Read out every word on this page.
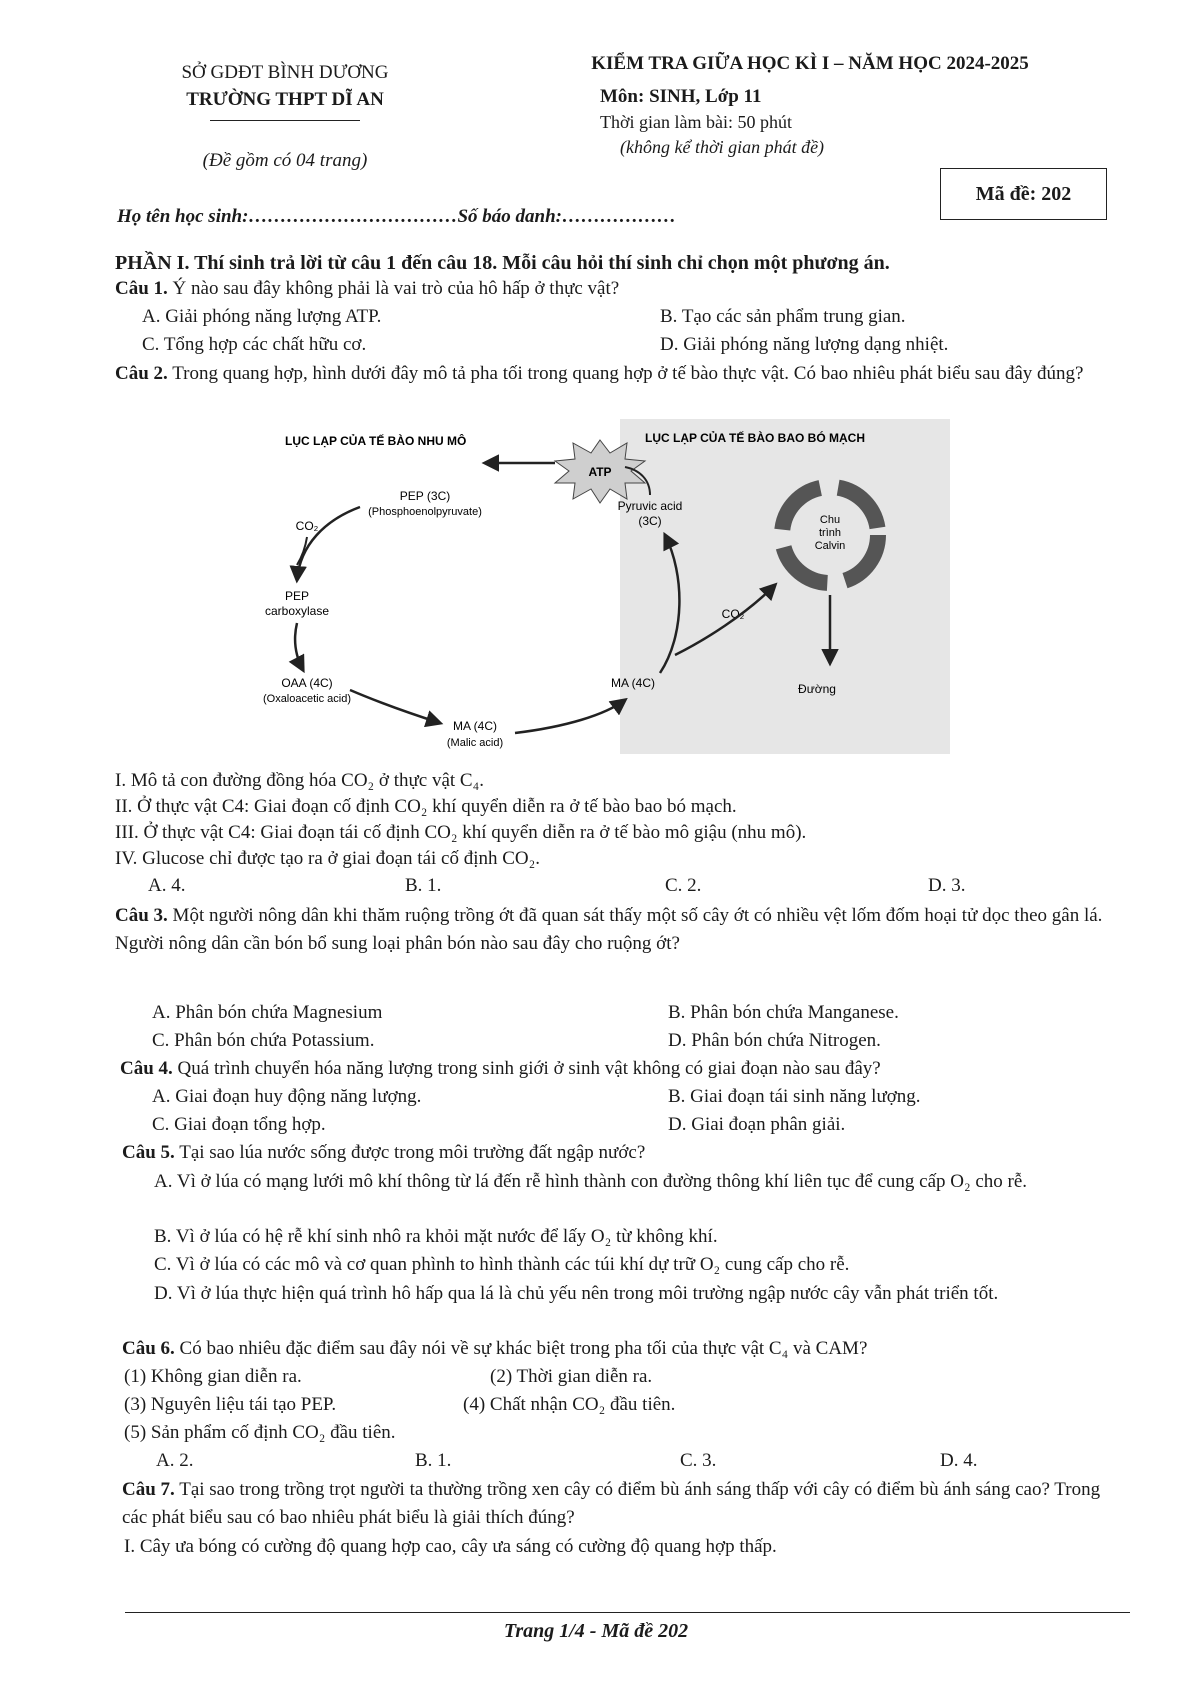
SỞ GDĐT BÌNH DƯƠNG
TRƯỜNG THPT DĨ AN
(Đề gồm có 04 trang)
KIỂM TRA GIỮA HỌC KÌ I – NĂM HỌC 2024-2025
Môn: SINH, Lớp 11
Thời gian làm bài: 50 phút
(không kể thời gian phát đề)
Mã đề: 202
Họ tên học sinh:……………………………Số báo danh:………………
PHẦN I. Thí sinh trả lời từ câu 1 đến câu 18. Mỗi câu hỏi thí sinh chỉ chọn một phương án.
Câu 1. Ý nào sau đây không phải là vai trò của hô hấp ở thực vật?
A. Giải phóng năng lượng ATP.	B. Tạo các sản phẩm trung gian.
C. Tổng hợp các chất hữu cơ.	D. Giải phóng năng lượng dạng nhiệt.
Câu 2. Trong quang hợp, hình dưới đây mô tả pha tối trong quang hợp ở tế bào thực vật. Có bao nhiêu phát biểu sau đây đúng?
LỤC LẠP CỦA TẾ BÀO NHU MÔ	LỤC LẠP CỦA TẾ BÀO BAO BÓ MẠCH
PEP (3C)
(Phosphoenolpyruvate)
CO₂
PEP
carboxylase
OAA (4C)
(Oxaloacetic acid)
MA (4C)
(Malic acid)
ATP
Pyruvic acid
(3C)	Chu
trình
Calvin
CO₂
MA (4C)	Đường
I. Mô tả con đường đồng hóa CO₂ ở thực vật C₄.
II. Ở thực vật C4: Giai đoạn cố định CO₂ khí quyển diễn ra ở tế bào bao bó mạch.
III. Ở thực vật C4: Giai đoạn tái cố định CO₂ khí quyển diễn ra ở tế bào mô giậu (nhu mô).
IV. Glucose chỉ được tạo ra ở giai đoạn tái cố định CO₂.
A. 4.	B. 1.	C. 2.	D. 3.
Câu 3. Một người nông dân khi thăm ruộng trồng ớt đã quan sát thấy một số cây ớt có nhiều vệt lốm đốm hoại tử dọc theo gân lá. Người nông dân cần bón bổ sung loại phân bón nào sau đây cho ruộng ớt?
A. Phân bón chứa Magnesium	B. Phân bón chứa Manganese.
C. Phân bón chứa Potassium.	D. Phân bón chứa Nitrogen.
Câu 4. Quá trình chuyển hóa năng lượng trong sinh giới ở sinh vật không có giai đoạn nào sau đây?
A. Giai đoạn huy động năng lượng.	B. Giai đoạn tái sinh năng lượng.
C. Giai đoạn tổng hợp.	D. Giai đoạn phân giải.
Câu 5. Tại sao lúa nước sống được trong môi trường đất ngập nước?
A. Vì ở lúa có mạng lưới mô khí thông từ lá đến rễ hình thành con đường thông khí liên tục để cung cấp O₂ cho rễ.
B. Vì ở lúa có hệ rễ khí sinh nhô ra khỏi mặt nước để lấy O₂ từ không khí.
C. Vì ở lúa có các mô và cơ quan phình to hình thành các túi khí dự trữ O₂ cung cấp cho rễ.
D. Vì ở lúa thực hiện quá trình hô hấp qua lá là chủ yếu nên trong môi trường ngập nước cây vẫn phát triển tốt.
Câu 6. Có bao nhiêu đặc điểm sau đây nói về sự khác biệt trong pha tối của thực vật C₄ và CAM?
(1) Không gian diễn ra.	(2) Thời gian diễn ra.
(3) Nguyên liệu tái tạo PEP.	(4) Chất nhận CO₂ đầu tiên.
(5) Sản phẩm cố định CO₂ đầu tiên.
A. 2.	B. 1.	C. 3.	D. 4.
Câu 7. Tại sao trong trồng trọt người ta thường trồng xen cây có điểm bù ánh sáng thấp với cây có điểm bù ánh sáng cao? Trong các phát biểu sau có bao nhiêu phát biểu là giải thích đúng?
I. Cây ưa bóng có cường độ quang hợp cao, cây ưa sáng có cường độ quang hợp thấp.
Trang 1/4 - Mã đề 202
